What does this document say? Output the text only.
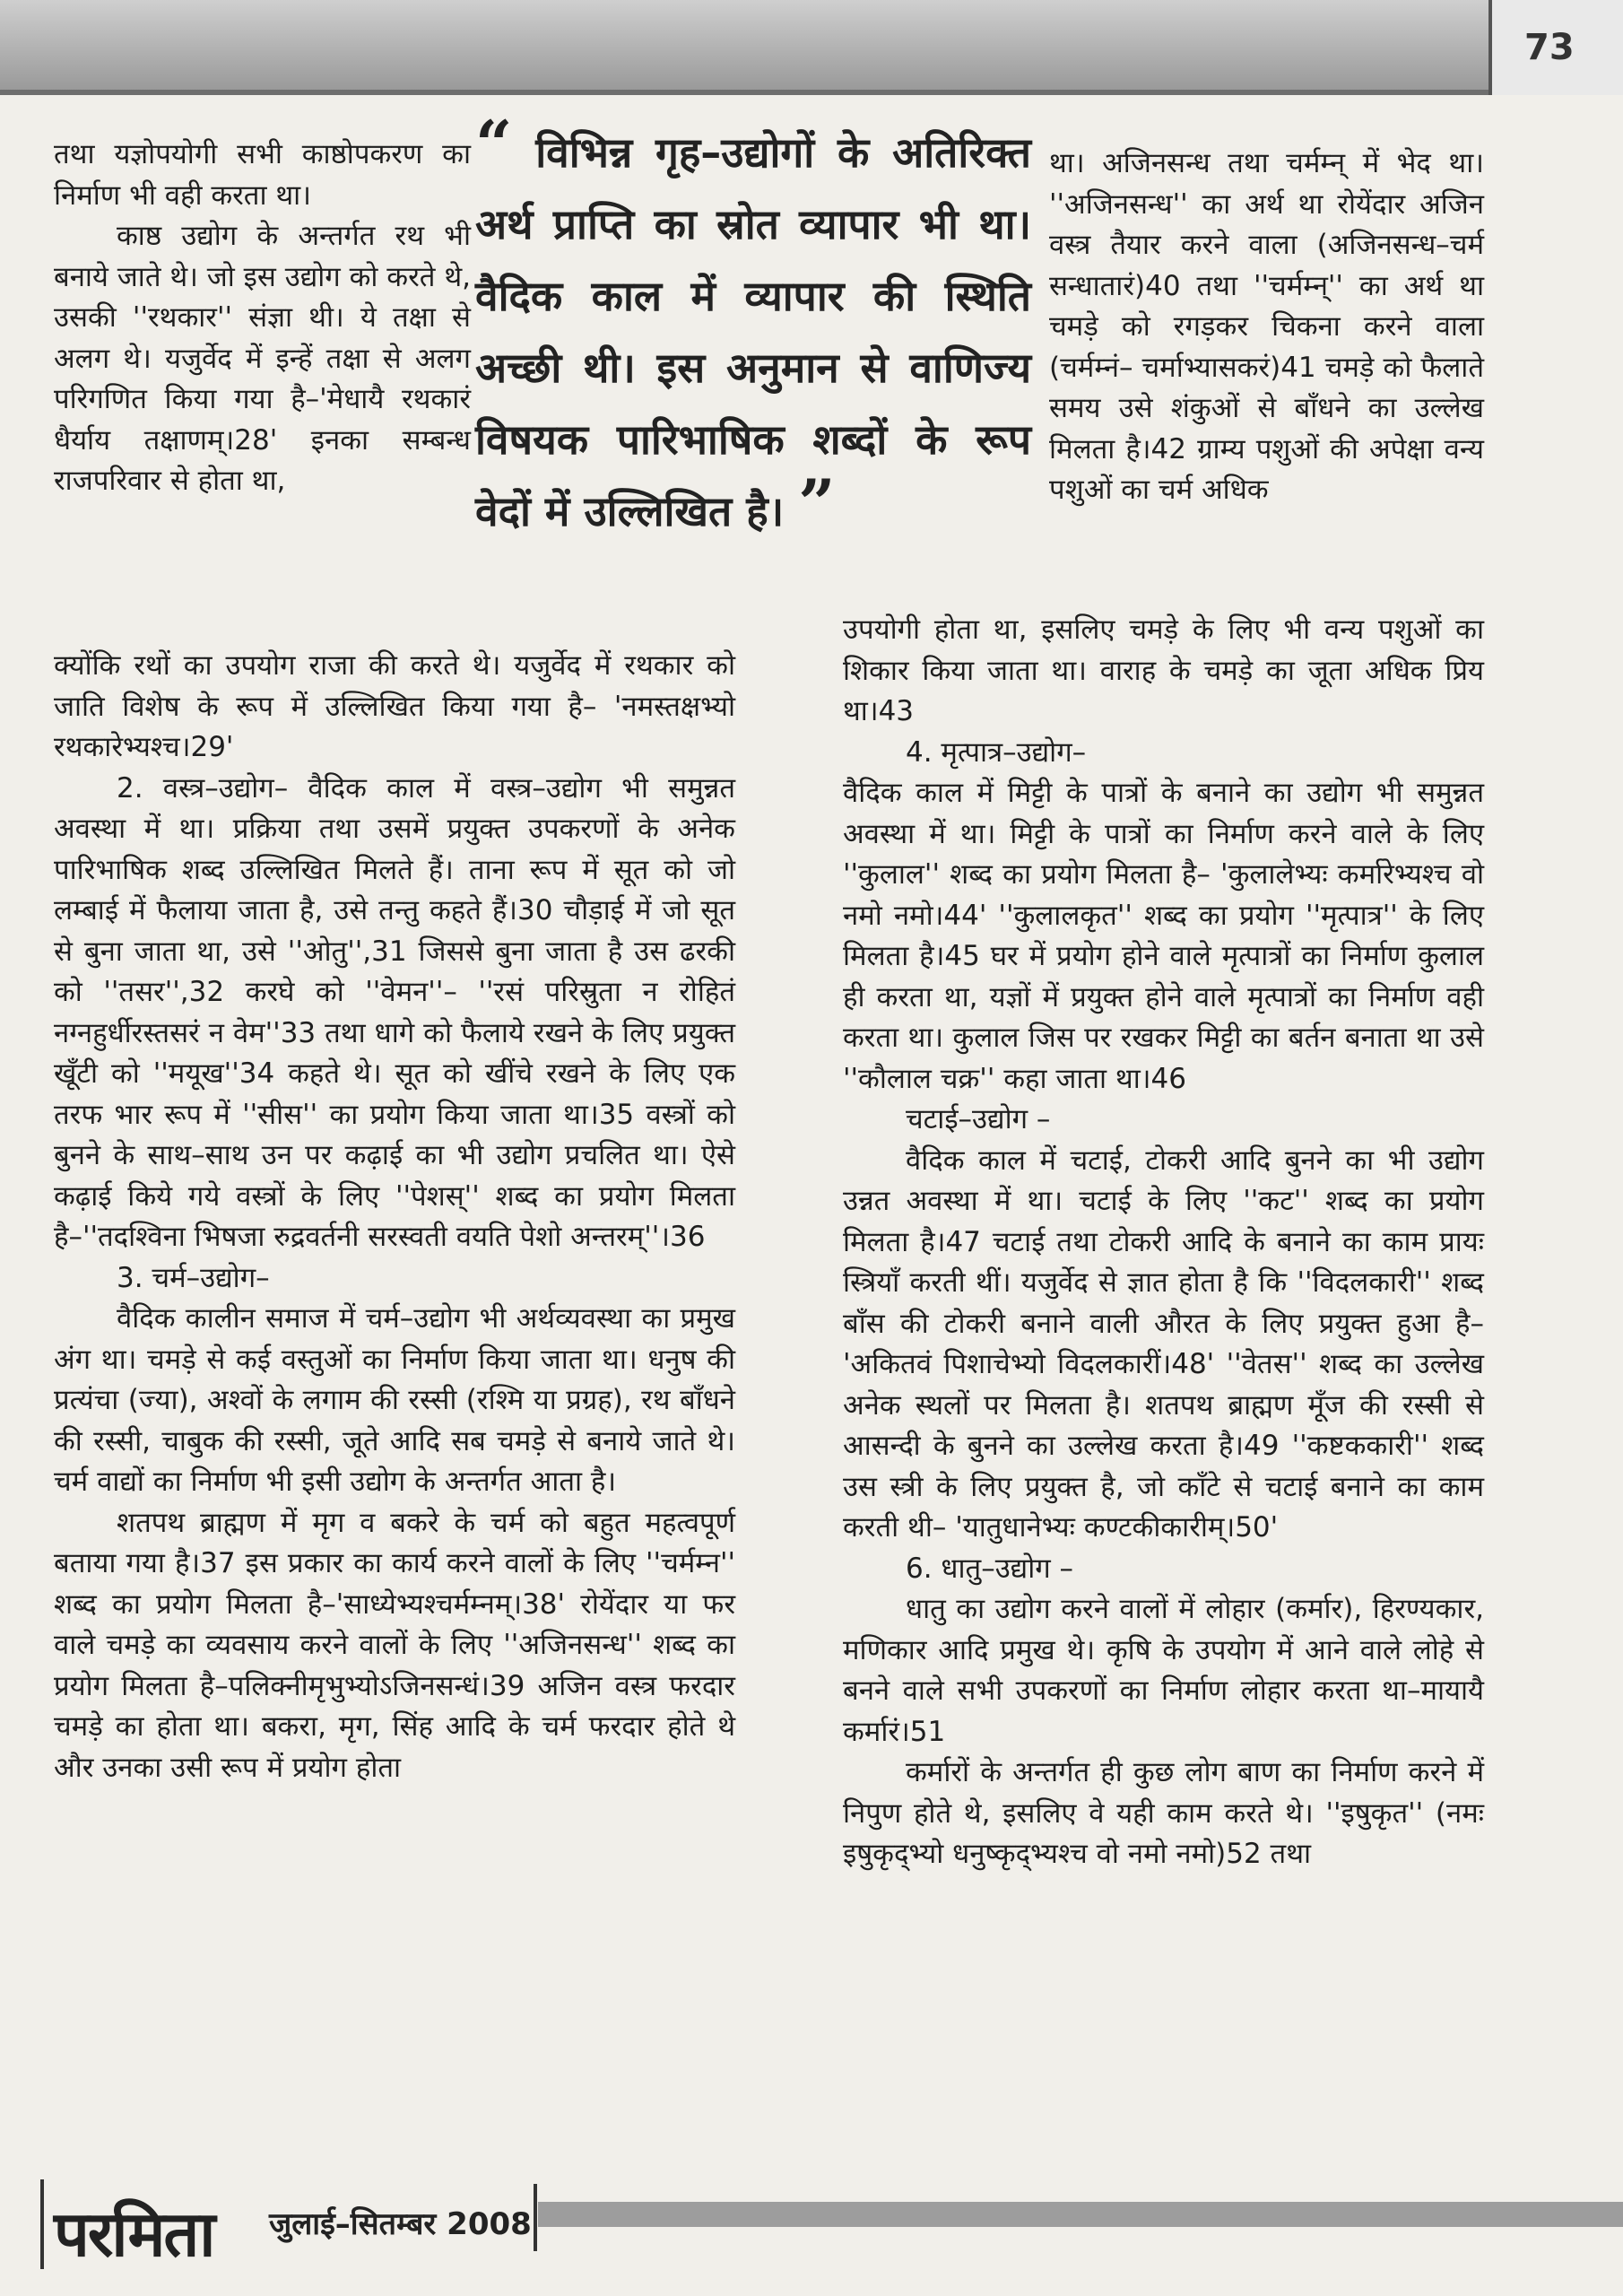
73

तथा यज्ञोपयोगी सभी काष्ठोपकरण का निर्माण भी वही करता था।

काष्ठ उद्योग के अन्तर्गत रथ भी बनाये जाते थे। जो इस उद्योग को करते थे, उसकी ''रथकार'' संज्ञा थी। ये तक्षा से अलग थे। यजुर्वेद में इन्हें तक्षा से अलग परिगणित किया गया है–'मेधायै रथकारं धैर्याय तक्षाणम्।28' इनका सम्बन्ध राजपरिवार से होता था,

“ विभिन्न गृह–उद्योगों के अतिरिक्त अर्थ प्राप्ति का स्रोत व्यापार भी था। वैदिक काल में व्यापार की स्थिति अच्छी थी। इस अनुमान से वाणिज्य विषयक पारिभाषिक शब्दों के रूप वेदों में उल्लिखित है। ”

था। अजिनसन्ध तथा चर्मम्न् में भेद था। ''अजिनसन्ध'' का अर्थ था रोयेंदार अजिन वस्त्र तैयार करने वाला (अजिनसन्ध–चर्म सन्धातारं)40 तथा ''चर्मम्न्'' का अर्थ था चमड़े को रगड़कर चिकना करने वाला (चर्मम्नं– चर्माभ्यासकरं)41 चमड़े को फैलाते समय उसे शंकुओं से बाँधने का उल्लेख मिलता है।42 ग्राम्य पशुओं की अपेक्षा वन्य पशुओं का चर्म अधिक

क्योंकि रथों का उपयोग राजा की करते थे। यजुर्वेद में रथकार को जाति विशेष के रूप में उल्लिखित किया गया है– 'नमस्तक्षभ्यो रथकारेभ्यश्च।29'

2. वस्त्र–उद्योग– वैदिक काल में वस्त्र–उद्योग भी समुन्नत अवस्था में था। प्रक्रिया तथा उसमें प्रयुक्त उपकरणों के अनेक पारिभाषिक शब्द उल्लिखित मिलते हैं। ताना रूप में सूत को जो लम्बाई में फैलाया जाता है, उसे तन्तु कहते हैं।30 चौड़ाई में जो सूत से बुना जाता था, उसे ''ओतु'',31 जिससे बुना जाता है उस ढरकी को ''तसर'',32 करघे को ''वेमन''– ''रसं परिस्रुता न रोहितं नग्नहुर्धीरस्तसरं न वेम''33 तथा धागे को फैलाये रखने के लिए प्रयुक्त खूँटी को ''मयूख''34 कहते थे। सूत को खींचे रखने के लिए एक तरफ भार रूप में ''सीस'' का प्रयोग किया जाता था।35 वस्त्रों को बुनने के साथ–साथ उन पर कढ़ाई का भी उद्योग प्रचलित था। ऐसे कढ़ाई किये गये वस्त्रों के लिए ''पेशस्'' शब्द का प्रयोग मिलता है–''तदश्विना भिषजा रुद्रवर्तनी सरस्वती वयति पेशो अन्तरम्''।36

3. चर्म–उद्योग–

वैदिक कालीन समाज में चर्म–उद्योग भी अर्थव्यवस्था का प्रमुख अंग था। चमड़े से कई वस्तुओं का निर्माण किया जाता था। धनुष की प्रत्यंचा (ज्या), अश्वों के लगाम की रस्सी (रश्मि या प्रग्रह), रथ बाँधने की रस्सी, चाबुक की रस्सी, जूते आदि सब चमड़े से बनाये जाते थे। चर्म वाद्यों का निर्माण भी इसी उद्योग के अन्तर्गत आता है।

शतपथ ब्राह्मण में मृग व बकरे के चर्म को बहुत महत्वपूर्ण बताया गया है।37 इस प्रकार का कार्य करने वालों के लिए ''चर्मम्न'' शब्द का प्रयोग मिलता है–'साध्येभ्यश्चर्मम्नम्।38' रोयेंदार या फर वाले चमड़े का व्यवसाय करने वालों के लिए ''अजिनसन्ध'' शब्द का प्रयोग मिलता है–पलिक्नीमृभुभ्योऽजिनसन्धं।39 अजिन वस्त्र फरदार चमड़े का होता था। बकरा, मृग, सिंह आदि के चर्म फरदार होते थे और उनका उसी रूप में प्रयोग होता

उपयोगी होता था, इसलिए चमड़े के लिए भी वन्य पशुओं का शिकार किया जाता था। वाराह के चमड़े का जूता अधिक प्रिय था।43

4. मृत्पात्र–उद्योग–

वैदिक काल में मिट्टी के पात्रों के बनाने का उद्योग भी समुन्नत अवस्था में था। मिट्टी के पात्रों का निर्माण करने वाले के लिए ''कुलाल'' शब्द का प्रयोग मिलता है– 'कुलालेभ्यः कर्मारेभ्यश्च वो नमो नमो।44' ''कुलालकृत'' शब्द का प्रयोग ''मृत्पात्र'' के लिए मिलता है।45 घर में प्रयोग होने वाले मृत्पात्रों का निर्माण कुलाल ही करता था, यज्ञों में प्रयुक्त होने वाले मृत्पात्रों का निर्माण वही करता था। कुलाल जिस पर रखकर मिट्टी का बर्तन बनाता था उसे ''कौलाल चक्र'' कहा जाता था।46

चटाई–उद्योग –

वैदिक काल में चटाई, टोकरी आदि बुनने का भी उद्योग उन्नत अवस्था में था। चटाई के लिए ''कट'' शब्द का प्रयोग मिलता है।47 चटाई तथा टोकरी आदि के बनाने का काम प्रायः स्त्रियाँ करती थीं। यजुर्वेद से ज्ञात होता है कि ''विदलकारी'' शब्द बाँस की टोकरी बनाने वाली औरत के लिए प्रयुक्त हुआ है– 'अकितवं पिशाचेभ्यो विदलकारीं।48' ''वेतस'' शब्द का उल्लेख अनेक स्थलों पर मिलता है। शतपथ ब्राह्मण मूँज की रस्सी से आसन्दी के बुनने का उल्लेख करता है।49 ''कष्टककारी'' शब्द उस स्त्री के लिए प्रयुक्त है, जो काँटे से चटाई बनाने का काम करती थी– 'यातुधानेभ्यः कण्टकीकारीम्।50'

6. धातु–उद्योग –

धातु का उद्योग करने वालों में लोहार (कर्मार), हिरण्यकार, मणिकार आदि प्रमुख थे। कृषि के उपयोग में आने वाले लोहे से बनने वाले सभी उपकरणों का निर्माण लोहार करता था–मायायै कर्मारं।51

कर्मारों के अन्तर्गत ही कुछ लोग बाण का निर्माण करने में निपुण होते थे, इसलिए वे यही काम करते थे। ''इषुकृत'' (नमः इषुकृद्भ्यो धनुष्कृद्भ्यश्च वो नमो नमो)52 तथा

परमिता जुलाई–सितम्बर 2008
